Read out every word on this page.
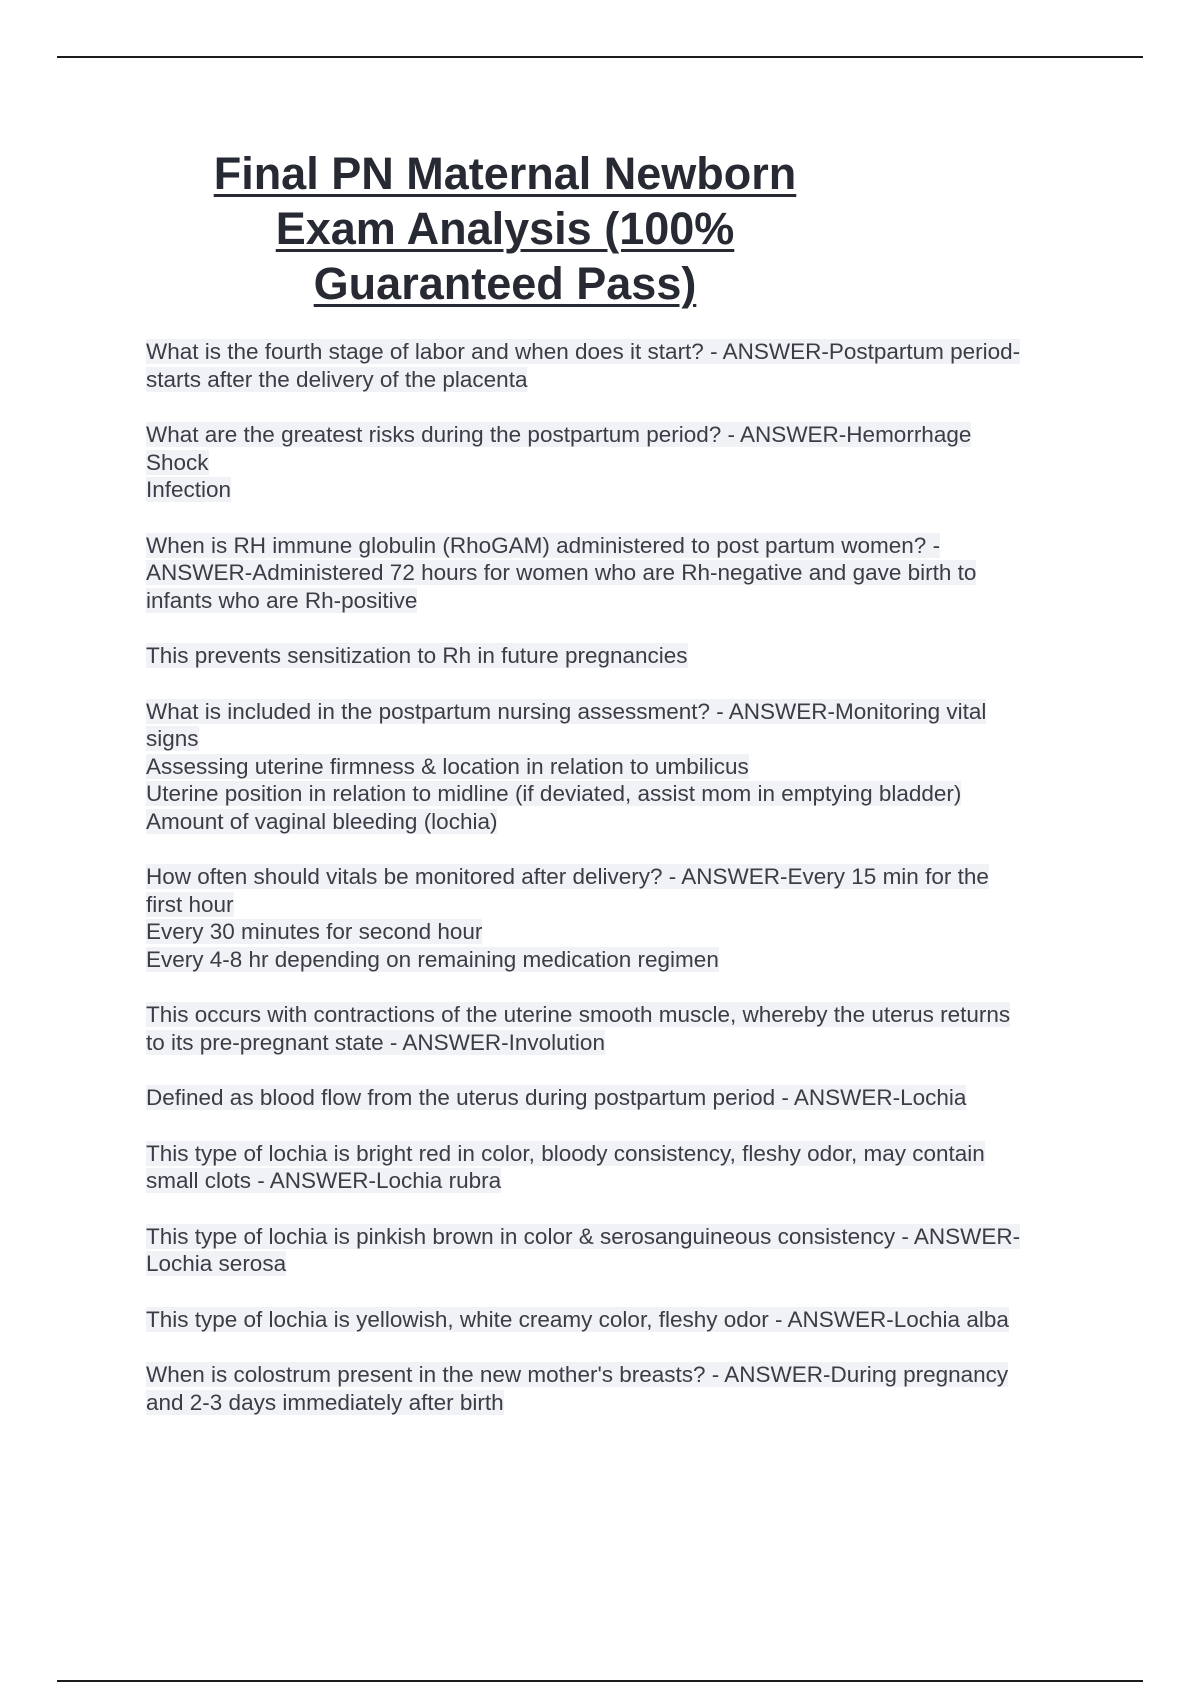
Final PN Maternal Newborn Exam Analysis (100% Guaranteed Pass)
What is the fourth stage of labor and when does it start? - ANSWER-Postpartum period-
starts after the delivery of the placenta
What are the greatest risks during the postpartum period? - ANSWER-Hemorrhage
Shock
Infection
When is RH immune globulin (RhoGAM) administered to post partum women? -
ANSWER-Administered 72 hours for women who are Rh-negative and gave birth to
infants who are Rh-positive
This prevents sensitization to Rh in future pregnancies
What is included in the postpartum nursing assessment? - ANSWER-Monitoring vital
signs
Assessing uterine firmness & location in relation to umbilicus
Uterine position in relation to midline (if deviated, assist mom in emptying bladder)
Amount of vaginal bleeding (lochia)
How often should vitals be monitored after delivery? - ANSWER-Every 15 min for the
first hour
Every 30 minutes for second hour
Every 4-8 hr depending on remaining medication regimen
This occurs with contractions of the uterine smooth muscle, whereby the uterus returns
to its pre-pregnant state - ANSWER-Involution
Defined as blood flow from the uterus during postpartum period - ANSWER-Lochia
This type of lochia is bright red in color, bloody consistency, fleshy odor, may contain
small clots - ANSWER-Lochia rubra
This type of lochia is pinkish brown in color & serosanguineous consistency - ANSWER-
Lochia serosa
This type of lochia is yellowish, white creamy color, fleshy odor - ANSWER-Lochia alba
When is colostrum present in the new mother's breasts? - ANSWER-During pregnancy
and 2-3 days immediately after birth
